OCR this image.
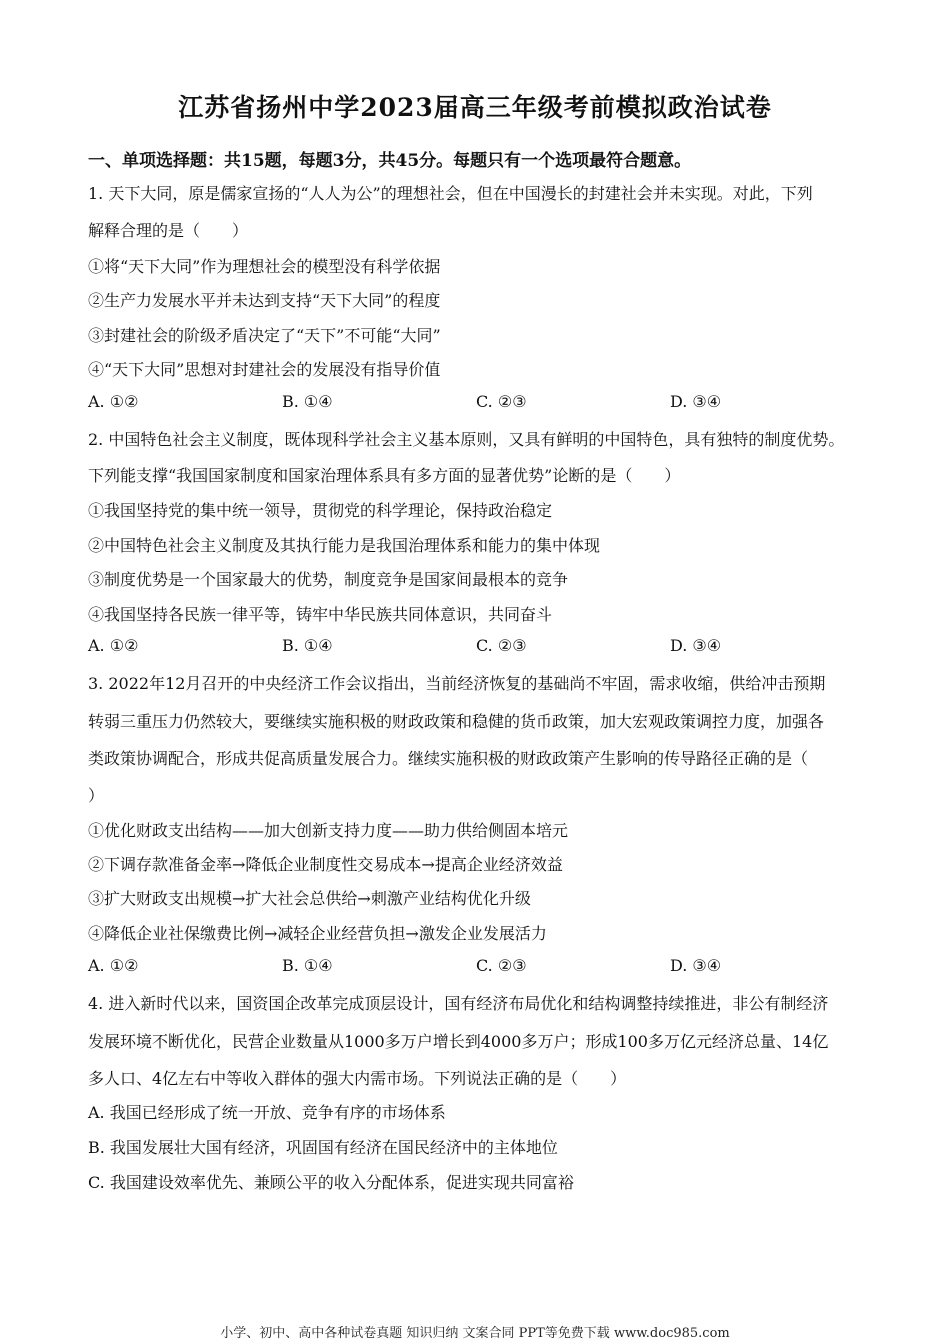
江苏省扬州中学2023届高三年级考前模拟政治试卷
一、单项选择题：共15题，每题3分，共45分。每题只有一个选项最符合题意。
1. 天下大同，原是儒家宣扬的“人人为公”的理想社会，但在中国漫长的封建社会并未实现。对此，下列
解释合理的是（　　）
①将“天下大同”作为理想社会的模型没有科学依据
②生产力发展水平并未达到支持“天下大同”的程度
③封建社会的阶级矛盾决定了“天下”不可能“大同”
④“天下大同”思想对封建社会的发展没有指导价值
A. ①②	B. ①④	C. ②③	D. ③④
2. 中国特色社会主义制度，既体现科学社会主义基本原则，又具有鲜明的中国特色，具有独特的制度优势。
下列能支撑“我国国家制度和国家治理体系具有多方面的显著优势”论断的是（　　）
①我国坚持党的集中统一领导，贯彻党的科学理论，保持政治稳定
②中国特色社会主义制度及其执行能力是我国治理体系和能力的集中体现
③制度优势是一个国家最大的优势，制度竞争是国家间最根本的竞争
④我国坚持各民族一律平等，铸牢中华民族共同体意识，共同奋斗
A. ①②	B. ①④	C. ②③	D. ③④
3. 2022年12月召开的中央经济工作会议指出，当前经济恢复的基础尚不牢固，需求收缩，供给冲击预期
转弱三重压力仍然较大，要继续实施积极的财政政策和稳健的货币政策，加大宏观政策调控力度，加强各
类政策协调配合，形成共促高质量发展合力。继续实施积极的财政政策产生影响的传导路径正确的是（
）
①优化财政支出结构——加大创新支持力度——助力供给侧固本培元
②下调存款准备金率→降低企业制度性交易成本→提高企业经济效益
③扩大财政支出规模→扩大社会总供给→刺激产业结构优化升级
④降低企业社保缴费比例→减轻企业经营负担→激发企业发展活力
A. ①②	B. ①④	C. ②③	D. ③④
4. 进入新时代以来，国资国企改革完成顶层设计，国有经济布局优化和结构调整持续推进，非公有制经济
发展环境不断优化，民营企业数量从1000多万户增长到4000多万户；形成100多万亿元经济总量、14亿
多人口、4亿左右中等收入群体的强大内需市场。下列说法正确的是（　　）
A. 我国已经形成了统一开放、竞争有序的市场体系
B. 我国发展壮大国有经济，巩固国有经济在国民经济中的主体地位
C. 我国建设效率优先、兼顾公平的收入分配体系，促进实现共同富裕
小学、初中、高中各种试卷真题 知识归纳 文案合同 PPT等免费下载 www.doc985.com
